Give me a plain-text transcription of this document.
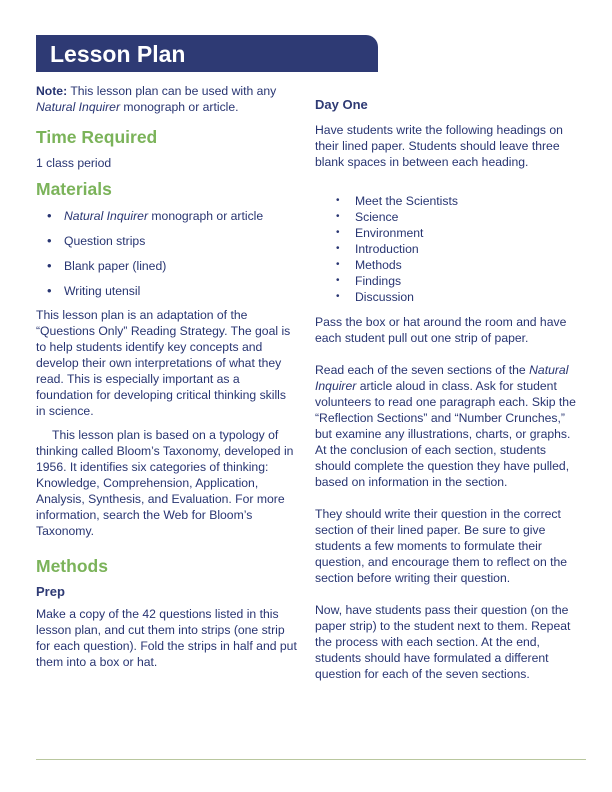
Lesson Plan

Note: This lesson plan can be used with any Natural Inquirer monograph or article.

Time Required

1 class period

Materials
• Natural Inquirer monograph or article
• Question strips
• Blank paper (lined)
• Writing utensil

This lesson plan is an adaptation of the “Questions Only” Reading Strategy. The goal is to help students identify key concepts and develop their own interpretations of what they read. This is especially important as a foundation for developing critical thinking skills in science.

This lesson plan is based on a typology of thinking called Bloom’s Taxonomy, developed in 1956. It identifies six categories of thinking: Knowledge, Comprehension, Application, Analysis, Synthesis, and Evaluation. For more information, search the Web for Bloom’s Taxonomy.

Methods
Prep

Make a copy of the 42 questions listed in this lesson plan, and cut them into strips (one strip for each question). Fold the strips in half and put them into a box or hat.

Day One

Have students write the following headings on their lined paper. Students should leave three blank spaces in between each heading.

• Meet the Scientists
• Science
• Environment
• Introduction
• Methods
• Findings
• Discussion

Pass the box or hat around the room and have each student pull out one strip of paper.

Read each of the seven sections of the Natural Inquirer article aloud in class. Ask for student volunteers to read one paragraph each. Skip the “Reflection Sections” and “Number Crunches,” but examine any illustrations, charts, or graphs. At the conclusion of each section, students should complete the question they have pulled, based on information in the section.

They should write their question in the correct section of their lined paper. Be sure to give students a few moments to formulate their question, and encourage them to reflect on the section before writing their question.

Now, have students pass their question (on the paper strip) to the student next to them. Repeat the process with each section. At the end, students should have formulated a different question for each of the seven sections.
